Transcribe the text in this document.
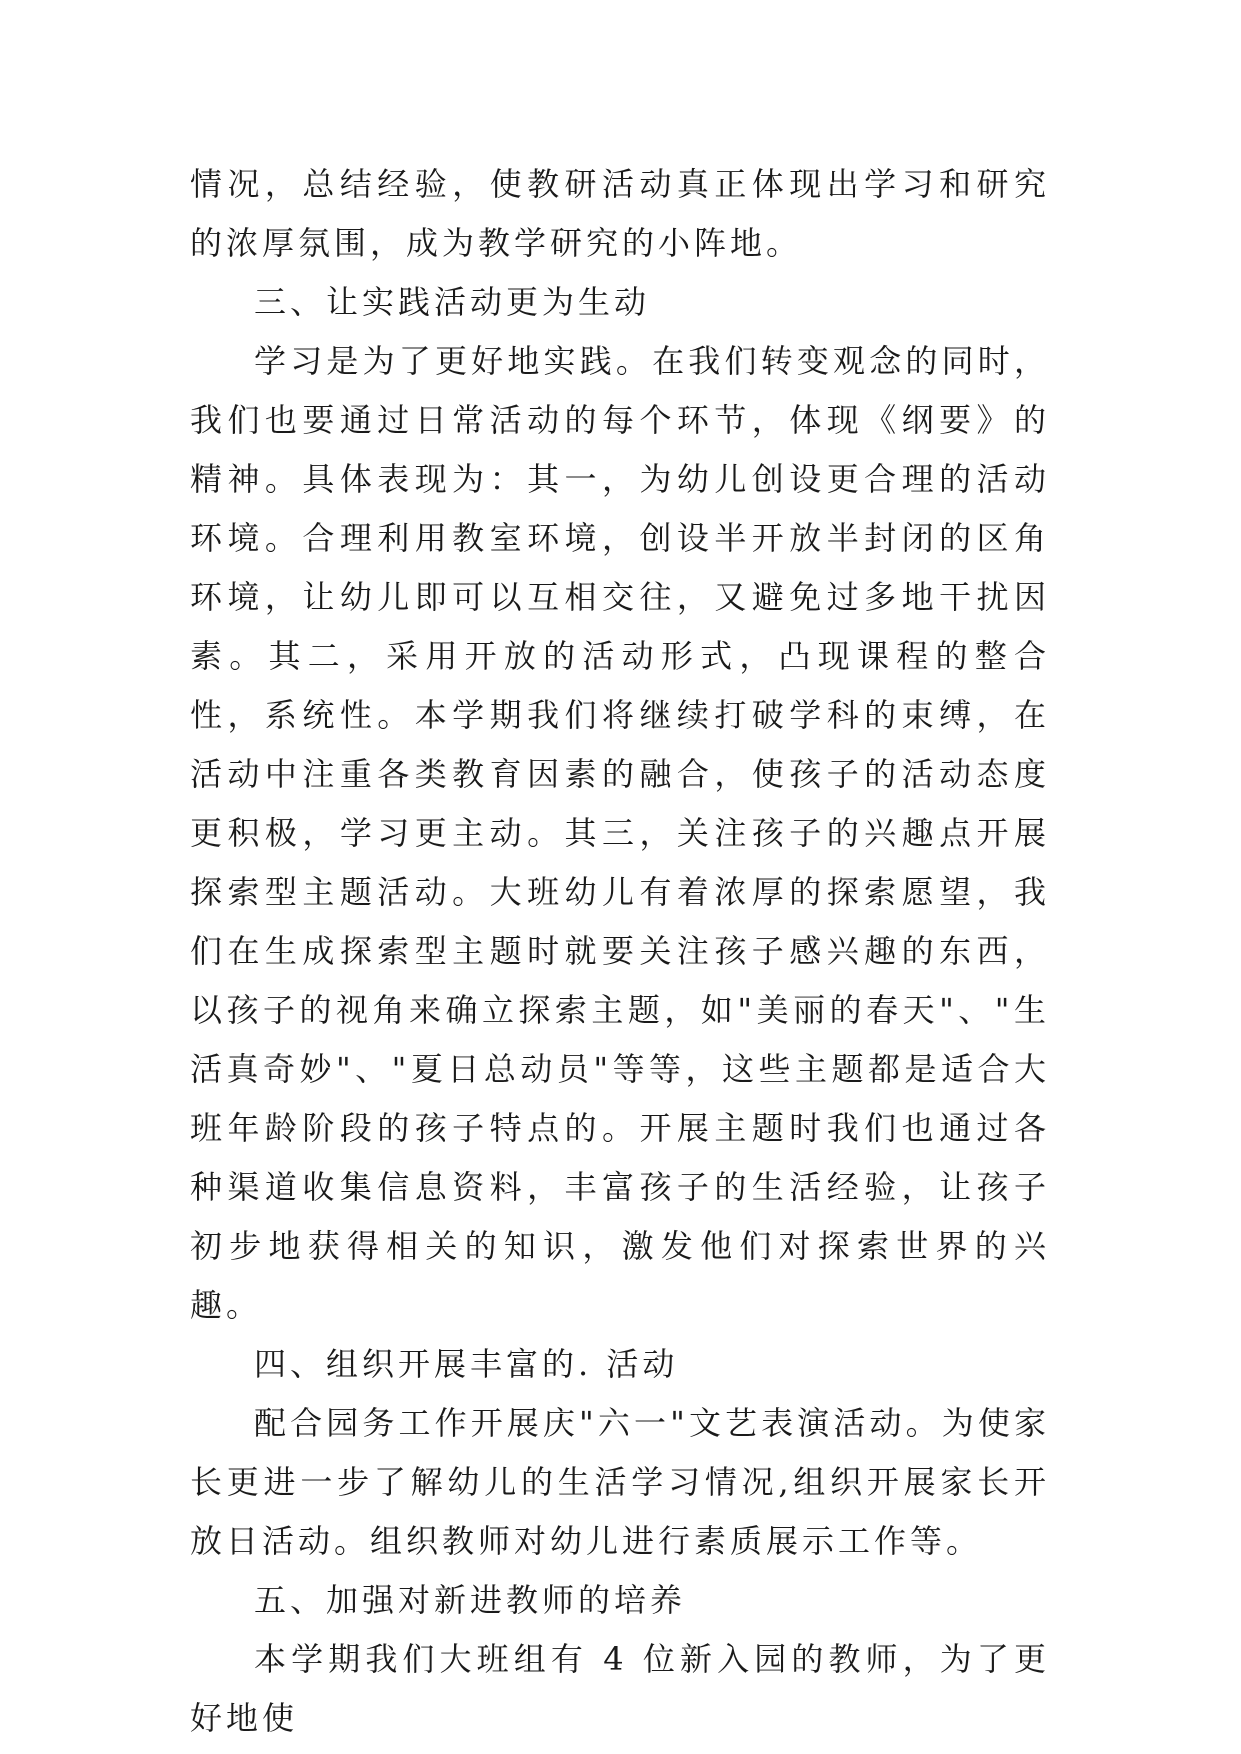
情况，总结经验，使教研活动真正体现出学习和研究的浓厚氛围，成为教学研究的小阵地。

三、让实践活动更为生动

学习是为了更好地实践。在我们转变观念的同时，我们也要通过日常活动的每个环节，体现《纲要》的精神。具体表现为：其一，为幼儿创设更合理的活动环境。合理利用教室环境，创设半开放半封闭的区角环境，让幼儿即可以互相交往，又避免过多地干扰因素。其二，采用开放的活动形式，凸现课程的整合性，系统性。本学期我们将继续打破学科的束缚，在活动中注重各类教育因素的融合，使孩子的活动态度更积极，学习更主动。其三，关注孩子的兴趣点开展探索型主题活动。大班幼儿有着浓厚的探索愿望，我们在生成探索型主题时就要关注孩子感兴趣的东西，以孩子的视角来确立探索主题，如"美丽的春天"、"生活真奇妙"、"夏日总动员"等等，这些主题都是适合大班年龄阶段的孩子特点的。开展主题时我们也通过各种渠道收集信息资料，丰富孩子的生活经验，让孩子初步地获得相关的知识，激发他们对探索世界的兴趣。

四、组织开展丰富的. 活动

配合园务工作开展庆"六一"文艺表演活动。为使家长更进一步了解幼儿的生活学习情况,组织开展家长开放日活动。组织教师对幼儿进行素质展示工作等。

五、加强对新进教师的培养

本学期我们大班组有 4 位新入园的教师，为了更好地使
